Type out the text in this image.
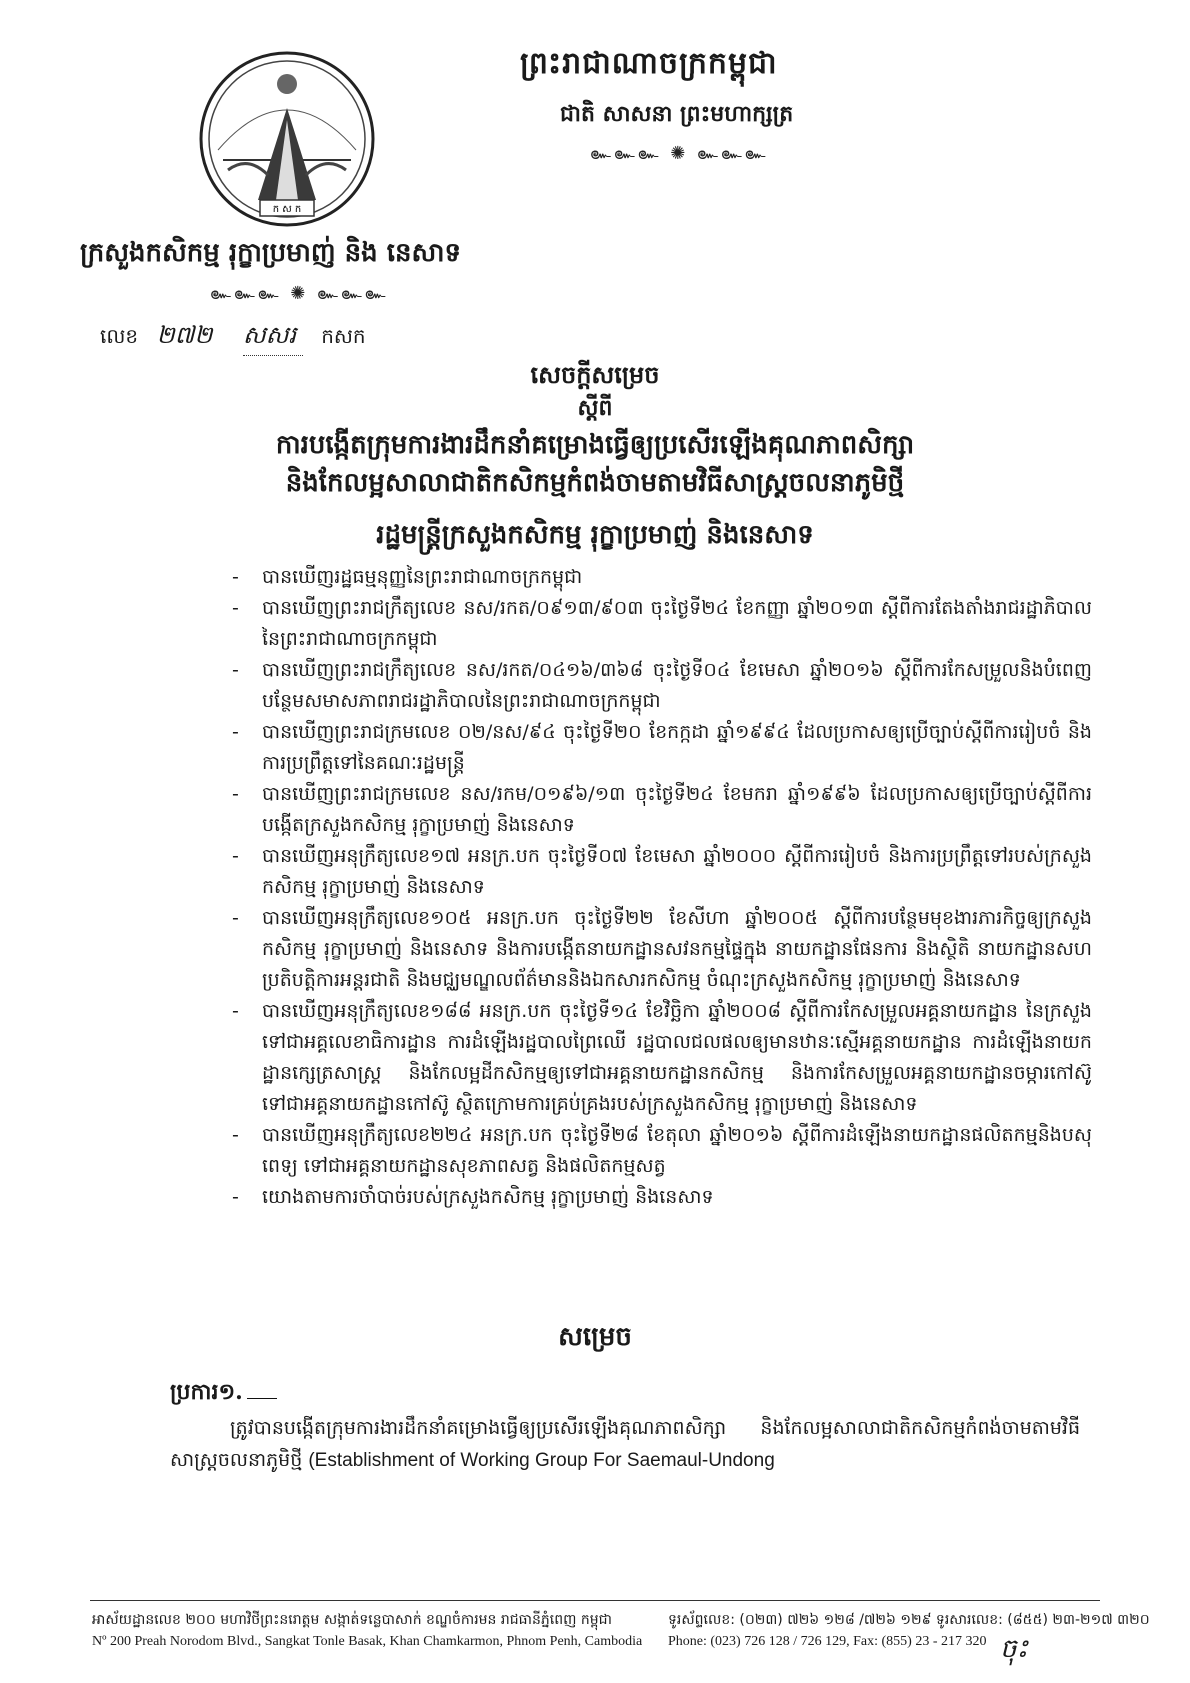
ក ស ក
ព្រះរាជាណាចក្រកម្ពុជា
ជាតិ សាសនា ព្រះមហាក្សត្រ
๛๛๛ ✺ ๛๛๛
ក្រសួងកសិកម្ម រុក្ខាប្រមាញ់ និង នេសាទ
๛๛๛ ✺ ๛๛๛
លេខ ២៧២ សសរ កសក
សេចក្តីសម្រេច
ស្តីពី
ការបង្កើតក្រុមការងារដឹកនាំគម្រោងធ្វើឲ្យប្រសើរឡើងគុណភាពសិក្សា
និងកែលម្អសាលាជាតិកសិកម្មកំពង់ចាមតាមវិធីសាស្រ្តចលនាភូមិថ្មី
រដ្ឋមន្ត្រីក្រសួងកសិកម្ម រុក្ខាប្រមាញ់ និងនេសាទ
- បានឃើញរដ្ឋធម្មនុញ្ញនៃព្រះរាជាណាចក្រកម្ពុជា
- បានឃើញព្រះរាជក្រឹត្យលេខ នស/រកត/០៩១៣/៩០៣ ចុះថ្ងៃទី២៤ ខែកញ្ញា ឆ្នាំ២០១៣ ស្តីពីការតែងតាំងរាជរដ្ឋាភិបាលនៃព្រះរាជាណាចក្រកម្ពុជា
- បានឃើញព្រះរាជក្រឹត្យលេខ នស/រកត/០៤១៦/៣៦៨ ចុះថ្ងៃទី០៤ ខែមេសា ឆ្នាំ២០១៦ ស្តីពីការកែសម្រួលនិងបំពេញបន្ថែមសមាសភាពរាជរដ្ឋាភិបាលនៃព្រះរាជាណាចក្រកម្ពុជា
- បានឃើញព្រះរាជក្រមលេខ ០២/នស/៩៤ ចុះថ្ងៃទី២០ ខែកក្កដា ឆ្នាំ១៩៩៤ ដែលប្រកាសឲ្យប្រើច្បាប់ស្តីពីការរៀបចំ និងការប្រព្រឹត្តទៅនៃគណៈរដ្ឋមន្ត្រី
- បានឃើញព្រះរាជក្រមលេខ នស/រកម/០១៩៦/១៣ ចុះថ្ងៃទី២៤ ខែមករា ឆ្នាំ១៩៩៦ ដែលប្រកាសឲ្យប្រើច្បាប់ស្តីពីការបង្កើតក្រសួងកសិកម្ម រុក្ខាប្រមាញ់ និងនេសាទ
- បានឃើញអនុក្រឹត្យលេខ១៧ អនក្រ.បក ចុះថ្ងៃទី០៧ ខែមេសា ឆ្នាំ២០០០ ស្តីពីការរៀបចំ និងការប្រព្រឹត្តទៅរបស់ក្រសួងកសិកម្ម រុក្ខាប្រមាញ់ និងនេសាទ
- បានឃើញអនុក្រឹត្យលេខ១០៥ អនក្រ.បក ចុះថ្ងៃទី២២ ខែសីហា ឆ្នាំ២០០៥ ស្តីពីការបន្ថែមមុខងារភារកិច្ចឲ្យក្រសួងកសិកម្ម រុក្ខាប្រមាញ់ និងនេសាទ និងការបង្កើតនាយកដ្ឋានសវនកម្មផ្ទៃក្នុង នាយកដ្ឋានផែនការ និងស្ថិតិ នាយកដ្ឋានសហប្រតិបត្តិការអន្តរជាតិ និងមជ្ឈមណ្ឌលព័ត៌មាននិងឯកសារកសិកម្ម ចំណុះក្រសួងកសិកម្ម រុក្ខាប្រមាញ់ និងនេសាទ
- បានឃើញអនុក្រឹត្យលេខ១៨៨ អនក្រ.បក ចុះថ្ងៃទី១៤ ខែវិច្ឆិកា ឆ្នាំ២០០៨ ស្តីពីការកែសម្រួលអគ្គនាយកដ្ឋាន នៃក្រសួងទៅជាអគ្គលេខាធិការដ្ឋាន ការដំឡើងរដ្ឋបាលព្រៃឈើ រដ្ឋបាលជលផលឲ្យមានឋានៈស្មើអគ្គនាយកដ្ឋាន ការដំឡើងនាយកដ្ឋានក្សេត្រសាស្ត្រ និងកែលម្អដីកសិកម្មឲ្យទៅជាអគ្គនាយកដ្ឋានកសិកម្ម និងការកែសម្រួលអគ្គនាយកដ្ឋានចម្ការកៅស៊ូទៅជាអគ្គនាយកដ្ឋានកៅស៊ូ ស្ថិតក្រោមការគ្រប់គ្រងរបស់ក្រសួងកសិកម្ម រុក្ខាប្រមាញ់ និងនេសាទ
- បានឃើញអនុក្រឹត្យលេខ២២៤ អនក្រ.បក ចុះថ្ងៃទី២៨ ខែតុលា ឆ្នាំ២០១៦ ស្តីពីការដំឡើងនាយកដ្ឋានផលិតកម្មនិងបសុពេទ្យ ទៅជាអគ្គនាយកដ្ឋានសុខភាពសត្វ និងផលិតកម្មសត្វ
- យោងតាមការចាំបាច់របស់ក្រសួងកសិកម្ម រុក្ខាប្រមាញ់ និងនេសាទ
សម្រេច
ប្រការ១.
ត្រូវបានបង្កើតក្រុមការងារដឹកនាំគម្រោងធ្វើឲ្យប្រសើរឡើងគុណភាពសិក្សា និងកែលម្អសាលាជាតិកសិកម្មកំពង់ចាមតាមវិធីសាស្រ្តចលនាភូមិថ្មី (Establishment of Working Group For Saemaul-Undong
អាស័យដ្ឋានលេខ ២០០ មហាវិថីព្រះនរោត្តម សង្កាត់ទន្លេបាសាក់ ខណ្ឌចំការមន រាជធានីភ្នំពេញ កម្ពុជា
Nº 200 Preah Norodom Blvd., Sangkat Tonle Basak, Khan Chamkarmon, Phnom Penh, Cambodia
ទូរស័ព្ទលេខ: (០២៣) ៧២៦ ១២៨ /៧២៦ ១២៩ ទូរសារលេខ: (៨៥៥) ២៣-២១៧ ៣២០
Phone: (023) 726 128 / 726 129, Fax: (855) 23 - 217 320 ចុះ
